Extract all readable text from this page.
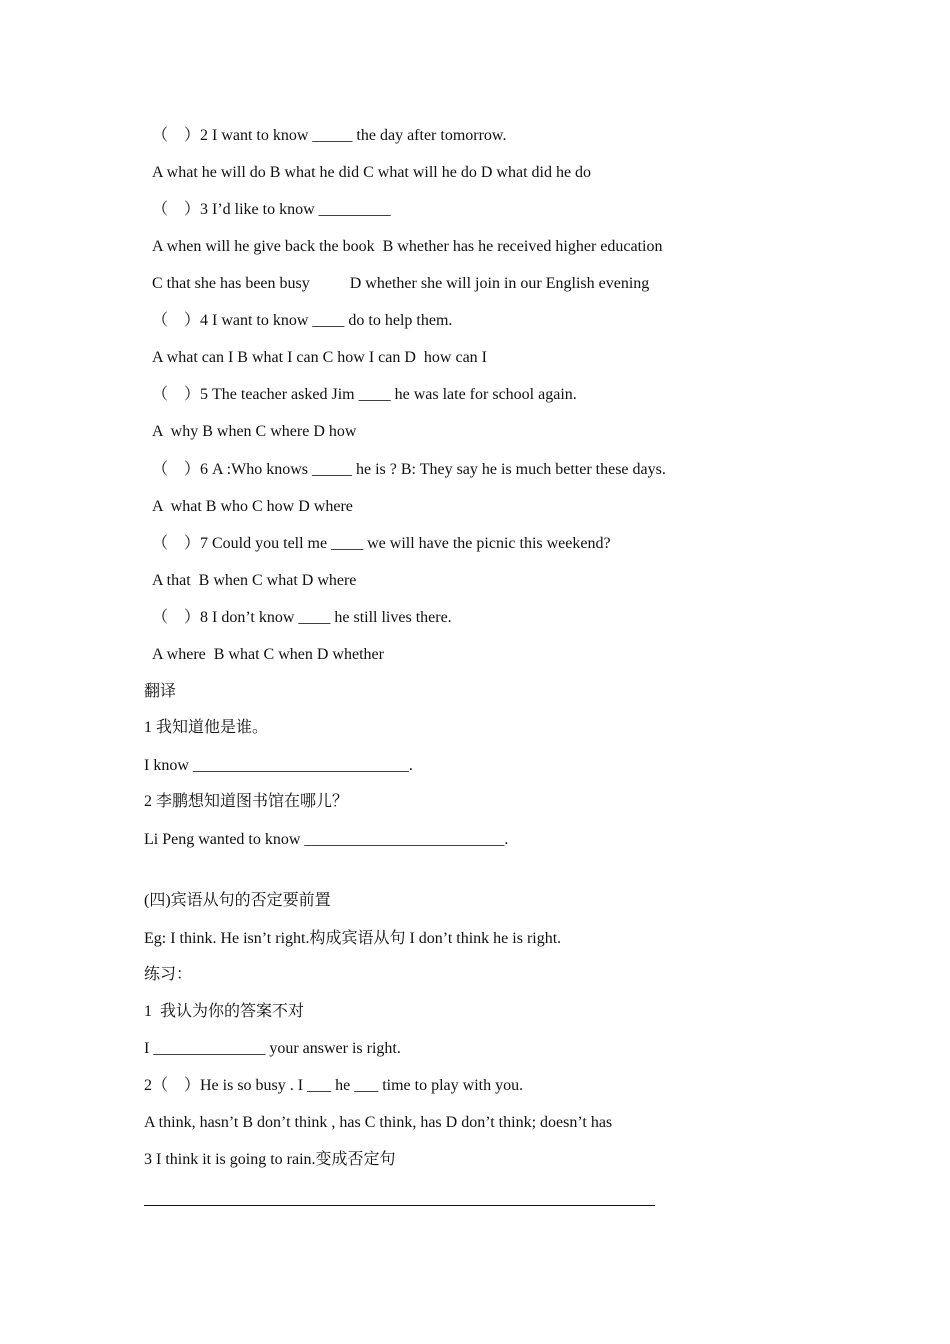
（　）2 I want to know _____ the day after tomorrow.
A what he will do B what he did C what will he do D what did he do
（　）3 I’d like to know _________
A when will he give back the book  B whether has he received higher education
C that she has been busy          D whether she will join in our English evening
（　）4 I want to know ____ do to help them.
A what can I B what I can C how I can D  how can I
（　）5 The teacher asked Jim ____ he was late for school again.
A  why B when C where D how
（　）6 A :Who knows _____ he is ? B: They say he is much better these days.
A  what B who C how D where
（　）7 Could you tell me ____ we will have the picnic this weekend?
A that  B when C what D where
（　）8 I don’t know ____ he still lives there.
A where  B what C when D whether
翻译
1 我知道他是谁。
I know ___________________________.
2 李鹏想知道图书馆在哪儿？
Li Peng wanted to know _________________________.
(四)宾语从句的否定要前置
Eg: I think. He isn’t right.构成宾语从句 I don’t think he is right.
练习：
1  我认为你的答案不对
I ______________ your answer is right.
2（　）He is so busy . I ___ he ___ time to play with you.
A think, hasn’t B don’t think , has C think, has D don’t think; doesn’t has
3 I think it is going to rain.变成否定句
